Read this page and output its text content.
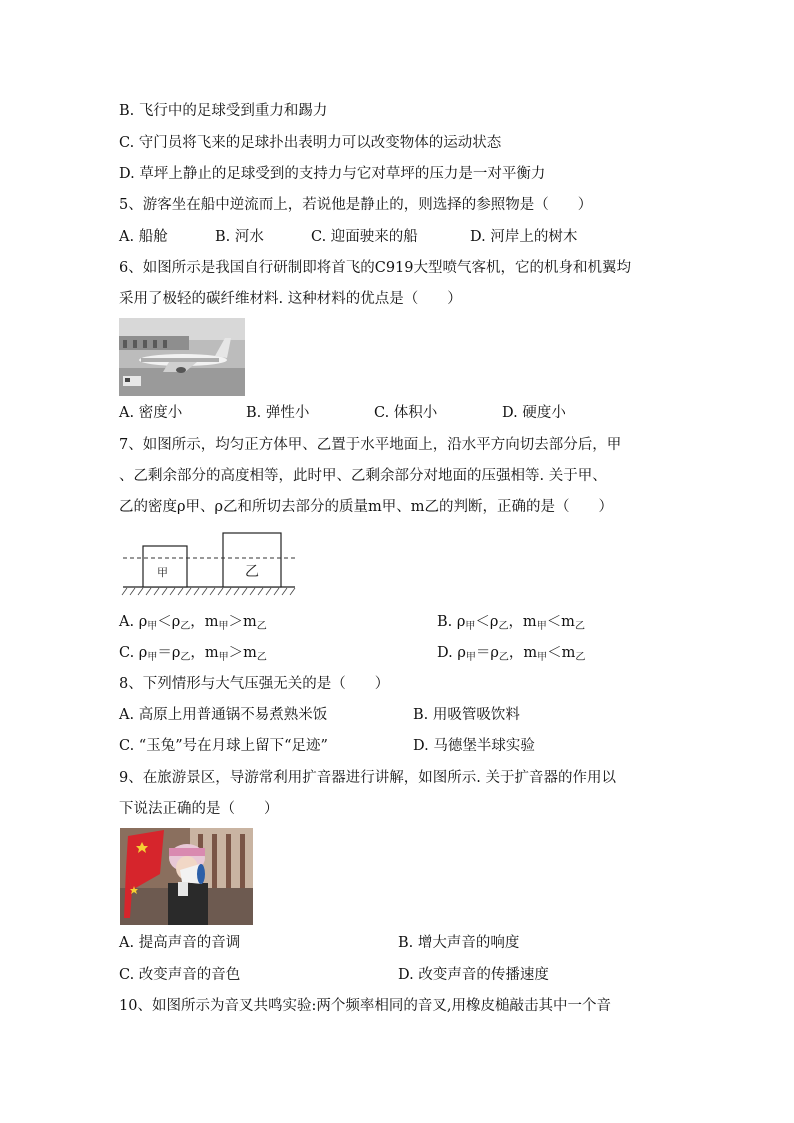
B. 飞行中的足球受到重力和踢力
C. 守门员将飞来的足球扑出表明力可以改变物体的运动状态
D. 草坪上静止的足球受到的支持力与它对草坪的压力是一对平衡力
5、游客坐在船中逆流而上，若说他是静止的，则选择的参照物是（　　）
A. 船舱	B. 河水	C. 迎面驶来的船	D. 河岸上的树木
6、如图所示是我国自行研制即将首飞的C919大型喷气客机，它的机身和机翼均
采用了极轻的碳纤维材料. 这种材料的优点是（　　）
A. 密度小	B. 弹性小	C. 体积小	D. 硬度小
7、如图所示，均匀正方体甲、乙置于水平地面上，沿水平方向切去部分后，甲
、乙剩余部分的高度相等，此时甲、乙剩余部分对地面的压强相等. 关于甲、
乙的密度ρ甲、ρ乙和所切去部分的质量m甲、m乙的判断，正确的是（　　）
甲	乙
A. $\rho_甲<\rho_乙$，$m_甲>m_乙$	B. $\rho_甲<\rho_乙$，$m_甲<m_乙$
C. $\rho_甲=\rho_乙$，$m_甲>m_乙$	D. $\rho_甲=\rho_乙$，$m_甲<m_乙$
8、下列情形与大气压强无关的是（　　）
A. 高原上用普通锅不易煮熟米饭	B. 用吸管吸饮料
C. “玉兔”号在月球上留下“足迹”	D. 马德堡半球实验
9、在旅游景区，导游常利用扩音器进行讲解，如图所示. 关于扩音器的作用以
下说法正确的是（　　）
A. 提高声音的音调	B. 增大声音的响度
C. 改变声音的音色	D. 改变声音的传播速度
10、如图所示为音叉共鸣实验:两个频率相同的音叉,用橡皮槌敲击其中一个音
